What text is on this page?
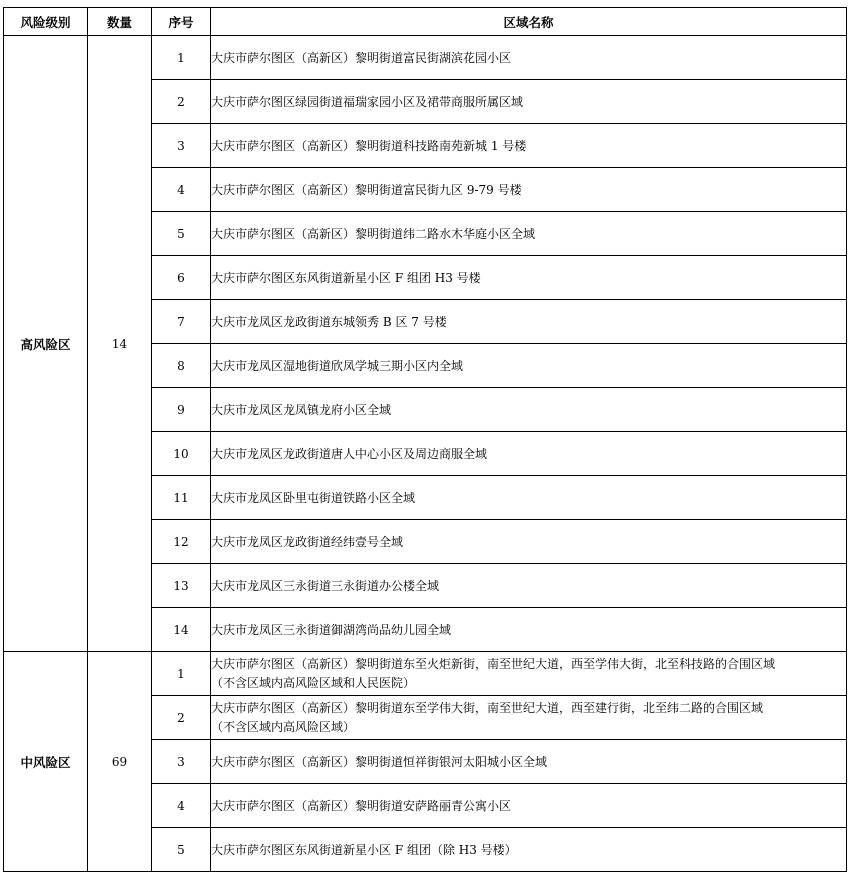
风险级别	数量	序号	区域名称
高风险区	14	1	大庆市萨尔图区（高新区）黎明街道富民街湖滨花园小区
		2	大庆市萨尔图区绿园街道福瑞家园小区及裙带商服所属区域
		3	大庆市萨尔图区（高新区）黎明街道科技路南苑新城 1 号楼
		4	大庆市萨尔图区（高新区）黎明街道富民街九区 9-79 号楼
		5	大庆市萨尔图区（高新区）黎明街道纬二路水木华庭小区全域
		6	大庆市萨尔图区东风街道新星小区 F 组团 H3 号楼
		7	大庆市龙凤区龙政街道东城领秀 B 区 7 号楼
		8	大庆市龙凤区湿地街道欣凤学城三期小区内全域
		9	大庆市龙凤区龙凤镇龙府小区全域
		10	大庆市龙凤区龙政街道唐人中心小区及周边商服全域
		11	大庆市龙凤区卧里屯街道铁路小区全域
		12	大庆市龙凤区龙政街道经纬壹号全域
		13	大庆市龙凤区三永街道三永街道办公楼全域
		14	大庆市龙凤区三永街道御湖湾尚品幼儿园全域
中风险区	69	1	大庆市萨尔图区（高新区）黎明街道东至火炬新街，南至世纪大道，西至学伟大街，北至科技路的合围区域
（不含区域内高风险区域和人民医院）
		2	大庆市萨尔图区（高新区）黎明街道东至学伟大街，南至世纪大道，西至建行街，北至纬二路的合围区域
（不含区域内高风险区域）
		3	大庆市萨尔图区（高新区）黎明街道恒祥街银河太阳城小区全域
		4	大庆市萨尔图区（高新区）黎明街道安萨路丽青公寓小区
		5	大庆市萨尔图区东风街道新星小区 F 组团（除 H3 号楼）
